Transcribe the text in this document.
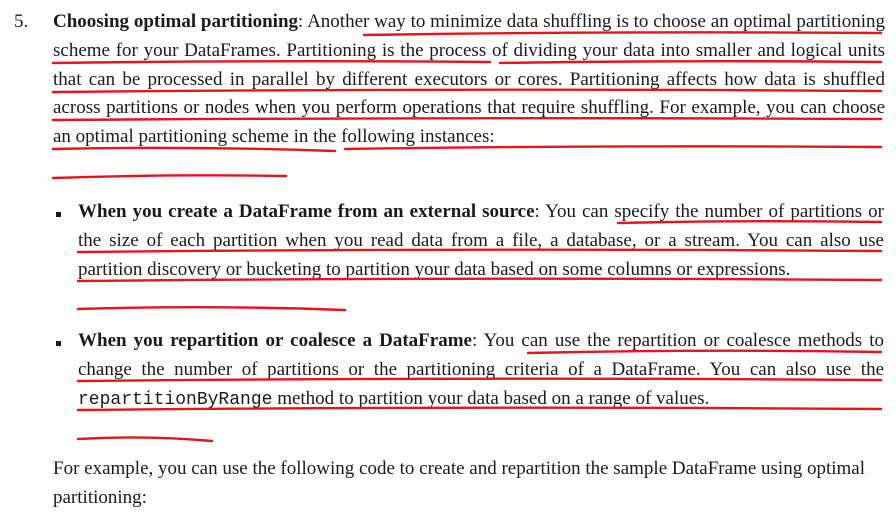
5. Choosing optimal partitioning: Another way to minimize data shuffling is to choose an optimal partitioning scheme for your DataFrames. Partitioning is the process of dividing your data into smaller and logical units that can be processed in parallel by different executors or cores. Partitioning affects how data is shuffled across partitions or nodes when you perform operations that require shuffling. For example, you can choose an optimal partitioning scheme in the following instances:
When you create a DataFrame from an external source: You can specify the number of partitions or the size of each partition when you read data from a file, a database, or a stream. You can also use partition discovery or bucketing to partition your data based on some columns or expressions.
When you repartition or coalesce a DataFrame: You can use the repartition or coalesce methods to change the number of partitions or the partitioning criteria of a DataFrame. You can also use the repartitionByRange method to partition your data based on a range of values.
For example, you can use the following code to create and repartition the sample DataFrame using optimal partitioning:
